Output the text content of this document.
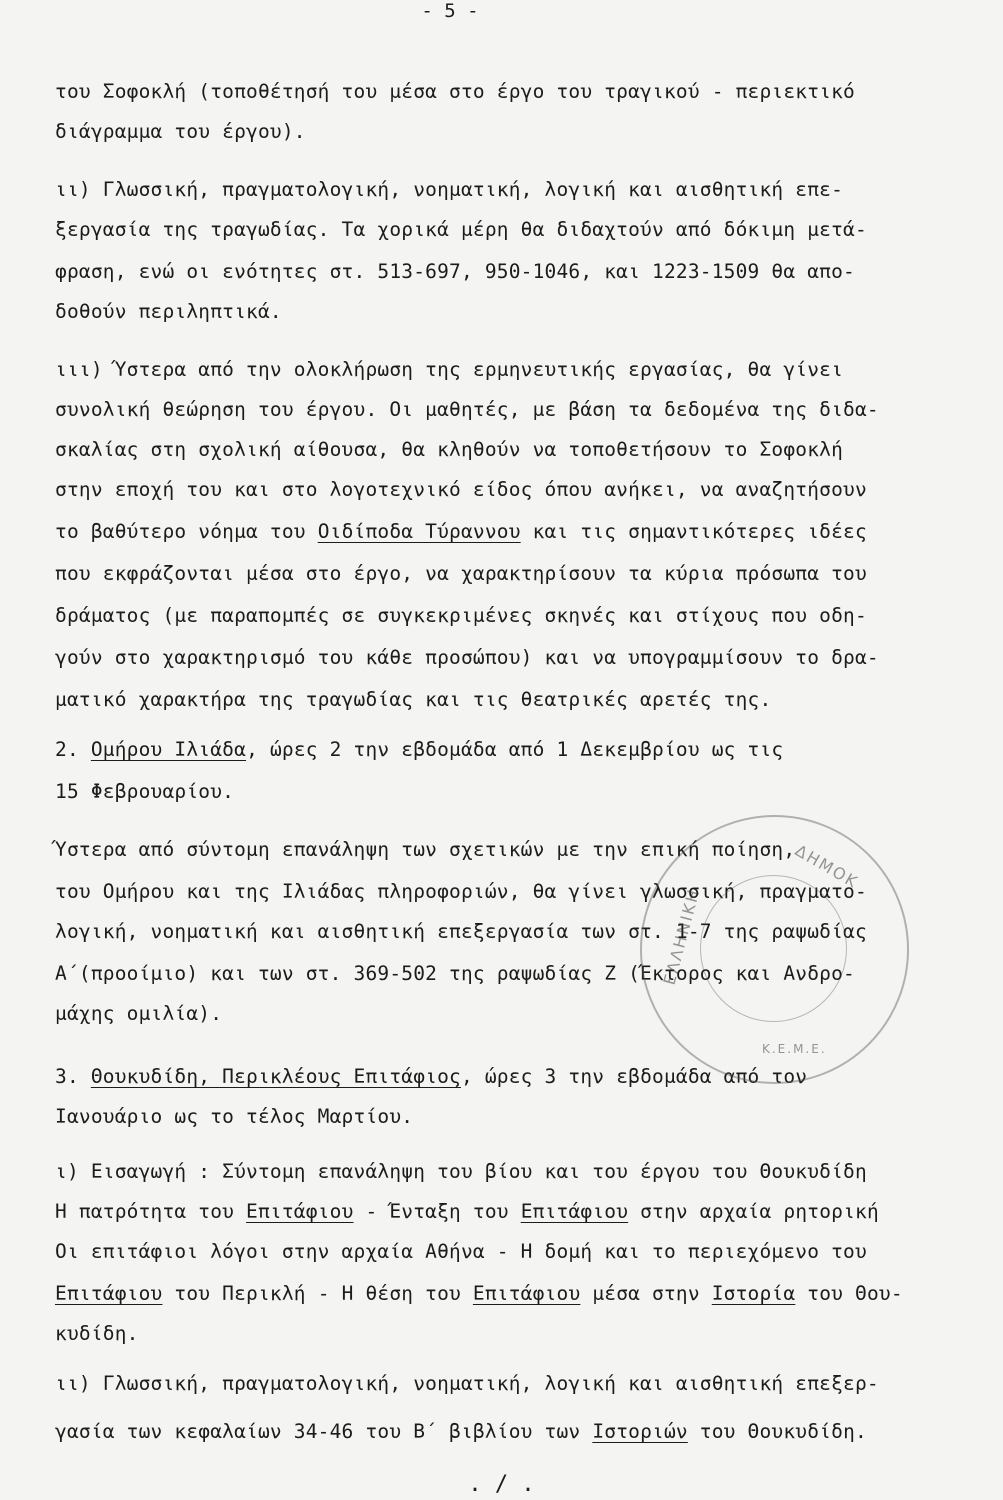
- 5 -
του Σοφοκλή (τοποθέτησή του μέσα στο έργο του τραγικού - περιεκτικό
διάγραμμα του έργου).
ιι) Γλωσσική, πραγματολογική, νοηματική, λογική και αισθητική επε-
ξεργασία της τραγωδίας. Τα χορικά μέρη θα διδαχτούν από δόκιμη μετά-
φραση, ενώ οι ενότητες στ. 513-697, 950-1046, και 1223-1509 θα απο-
δοθούν περιληπτικά.
ιιι) Ύστερα από την ολοκλήρωση της ερμηνευτικής εργασίας, θα γίνει
συνολική θεώρηση του έργου. Οι μαθητές, με βάση τα δεδομένα της διδα-
σκαλίας στη σχολική αίθουσα, θα κληθούν να τοποθετήσουν το Σοφοκλή
στην εποχή του και στο λογοτεχνικό είδος όπου ανήκει, να αναζητήσουν
το βαθύτερο νόημα του Οιδίποδα Τύραννου και τις σημαντικότερες ιδέες
που εκφράζονται μέσα στο έργο, να χαρακτηρίσουν τα κύρια πρόσωπα του
δράματος (με παραπομπές σε συγκεκριμένες σκηνές και στίχους που οδη-
γούν στο χαρακτηρισμό του κάθε προσώπου) και να υπογραμμίσουν το δρα-
ματικό χαρακτήρα της τραγωδίας και τις θεατρικές αρετές της.
2. Ομήρου Ιλιάδα, ώρες 2 την εβδομάδα από 1 Δεκεμβρίου ως τις
15 Φεβρουαρίου.
Ύστερα από σύντομη επανάληψη των σχετικών με την επική ποίηση,
του Ομήρου και της Ιλιάδας πληροφοριών, θα γίνει γλωσσική, πραγματο-
λογική, νοηματική και αισθητική επεξεργασία των στ. 1-7 της ραψωδίας
Α΄(προοίμιο) και των στ. 369-502 της ραψωδίας Ζ (Έκτορος και Ανδρο-
μάχης ομιλία).
3. Θουκυδίδη, Περικλέους Επιτάφιος, ώρες 3 την εβδομάδα από τον
Ιανουάριο ως το τέλος Μαρτίου.
ι) Εισαγωγή : Σύντομη επανάληψη του βίου και του έργου του Θουκυδίδη
Η πατρότητα του Επιτάφιου - Ένταξη του Επιτάφιου στην αρχαία ρητορική
Οι επιτάφιοι λόγοι στην αρχαία Αθήνα - Η δομή και το περιεχόμενο του
Επιτάφιου του Περικλή - Η θέση του Επιτάφιου μέσα στην Ιστορία του Θου-
κυδίδη.
ιι) Γλωσσική, πραγματολογική, νοηματική, λογική και αισθητική επεξερ-
γασία των κεφαλαίων 34-46 του Β΄ βιβλίου των Ιστοριών του Θουκυδίδη.
ΔΗΜΟΚ
ΕΛΛΗΝΙΚΗ
Κ.Ε.Μ.Ε.
. / .
